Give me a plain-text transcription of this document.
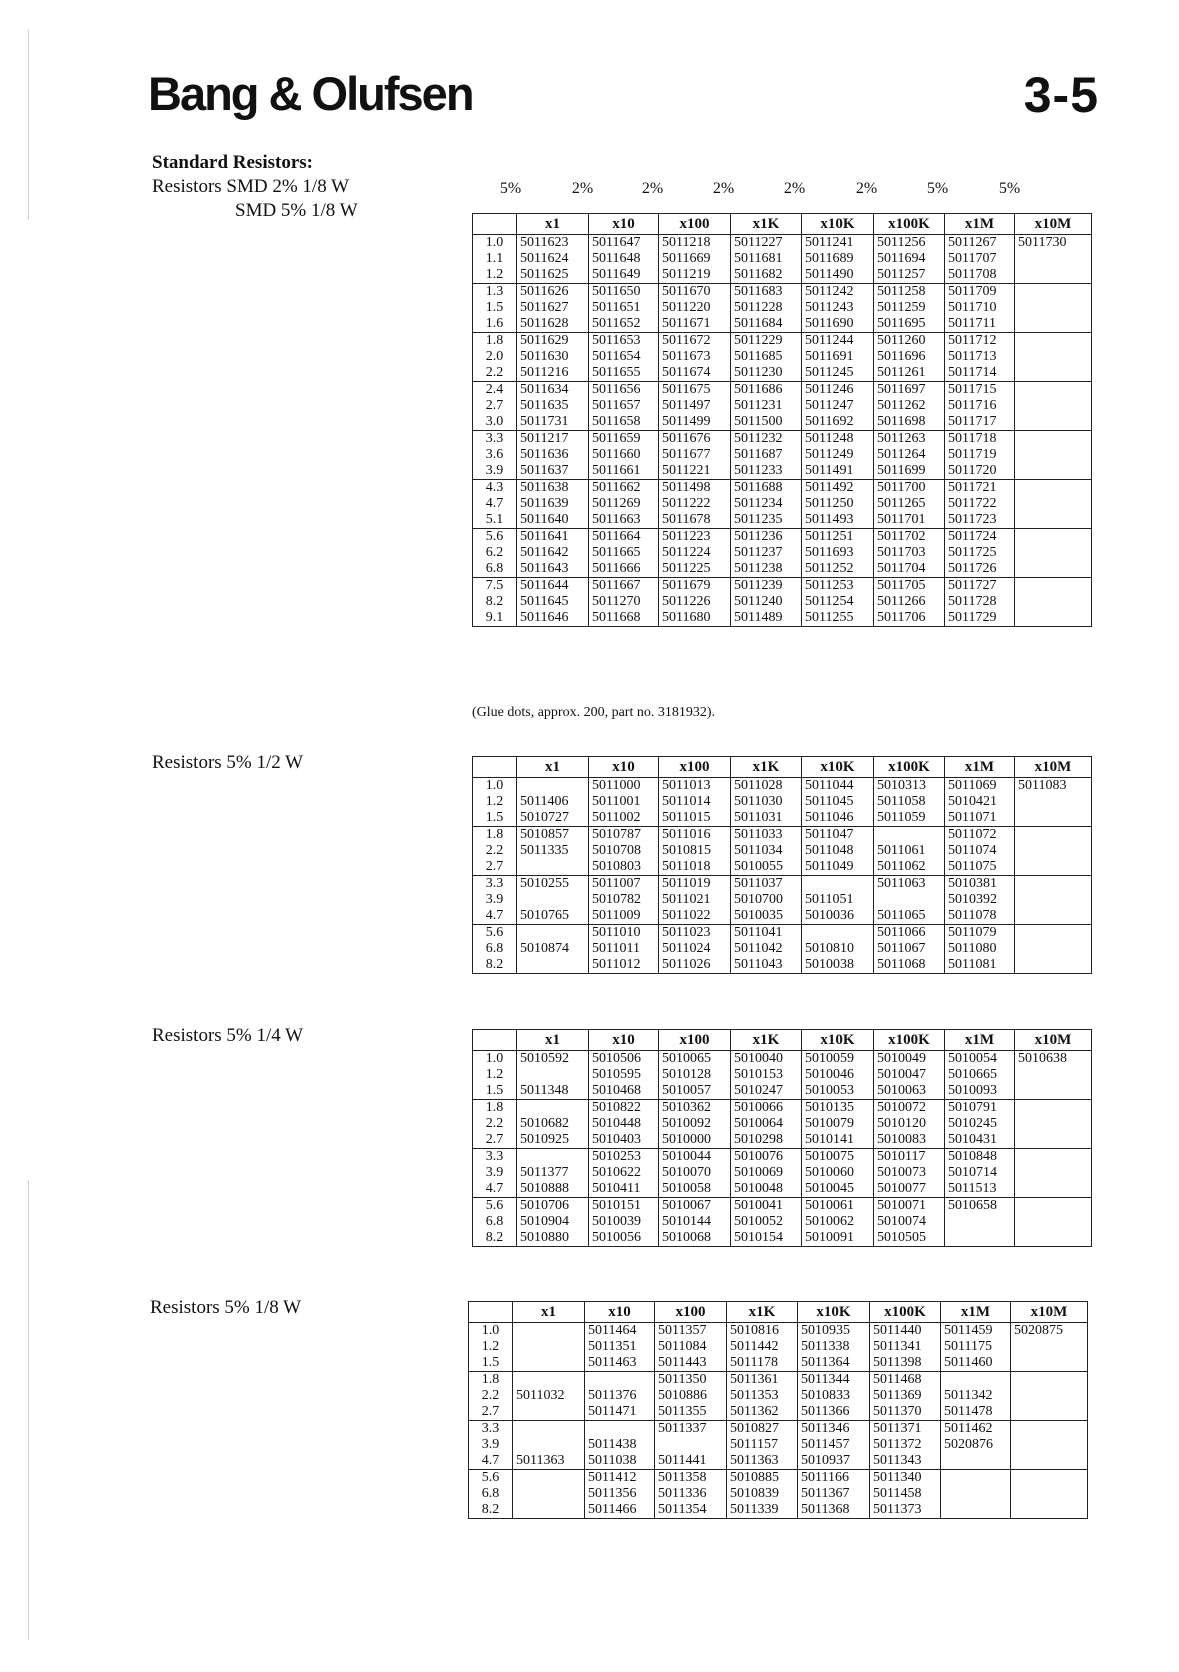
Bang & Olufsen	3-5
Standard Resistors:
Resistors SMD 2% 1/8 W
SMD 5% 1/8 W
5%	2%	2%	2%	2%	2%	5%	5%
	x1	x10	x100	x1K	x10K	x100K	x1M	x10M
1.0	5011623	5011647	5011218	5011227	5011241	5011256	5011267	5011730
1.1	5011624	5011648	5011669	5011681	5011689	5011694	5011707	
1.2	5011625	5011649	5011219	5011682	5011490	5011257	5011708	
1.3	5011626	5011650	5011670	5011683	5011242	5011258	5011709	
1.5	5011627	5011651	5011220	5011228	5011243	5011259	5011710	
1.6	5011628	5011652	5011671	5011684	5011690	5011695	5011711	
1.8	5011629	5011653	5011672	5011229	5011244	5011260	5011712	
2.0	5011630	5011654	5011673	5011685	5011691	5011696	5011713	
2.2	5011216	5011655	5011674	5011230	5011245	5011261	5011714	
2.4	5011634	5011656	5011675	5011686	5011246	5011697	5011715	
2.7	5011635	5011657	5011497	5011231	5011247	5011262	5011716	
3.0	5011731	5011658	5011499	5011500	5011692	5011698	5011717	
3.3	5011217	5011659	5011676	5011232	5011248	5011263	5011718	
3.6	5011636	5011660	5011677	5011687	5011249	5011264	5011719	
3.9	5011637	5011661	5011221	5011233	5011491	5011699	5011720	
4.3	5011638	5011662	5011498	5011688	5011492	5011700	5011721	
4.7	5011639	5011269	5011222	5011234	5011250	5011265	5011722	
5.1	5011640	5011663	5011678	5011235	5011493	5011701	5011723	
5.6	5011641	5011664	5011223	5011236	5011251	5011702	5011724	
6.2	5011642	5011665	5011224	5011237	5011693	5011703	5011725	
6.8	5011643	5011666	5011225	5011238	5011252	5011704	5011726	
7.5	5011644	5011667	5011679	5011239	5011253	5011705	5011727	
8.2	5011645	5011270	5011226	5011240	5011254	5011266	5011728	
9.1	5011646	5011668	5011680	5011489	5011255	5011706	5011729	
(Glue dots, approx. 200, part no. 3181932).
Resistors 5% 1/2 W
		x1	x10	x100	x1K	x10K	x100K	x1M	x10M
1.0		5011000	5011013	5011028	5011044	5010313	5011069	5011083
1.2	5011406	5011001	5011014	5011030	5011045	5011058	5010421	
1.5	5010727	5011002	5011015	5011031	5011046	5011059	5011071	
1.8	5010857	5010787	5011016	5011033	5011047		5011072	
2.2	5011335	5010708	5010815	5011034	5011048	5011061	5011074	
2.7		5010803	5011018	5010055	5011049	5011062	5011075	
3.3	5010255	5011007	5011019	5011037		5011063	5010381	
3.9		5010782	5011021	5010700	5011051		5010392	
4.7	5010765	5011009	5011022	5010035	5010036	5011065	5011078	
5.6		5011010	5011023	5011041		5011066	5011079	
6.8	5010874	5011011	5011024	5011042	5010810	5011067	5011080	
8.2		5011012	5011026	5011043	5010038	5011068	5011081	
Resistors 5% 1/4 W
		x1	x10	x100	x1K	x10K	x100K	x1M	x10M
1.0	5010592	5010506	5010065	5010040	5010059	5010049	5010054	5010638
1.2		5010595	5010128	5010153	5010046	5010047	5010665	
1.5	5011348	5010468	5010057	5010247	5010053	5010063	5010093	
1.8		5010822	5010362	5010066	5010135	5010072	5010791	
2.2	5010682	5010448	5010092	5010064	5010079	5010120	5010245	
2.7	5010925	5010403	5010000	5010298	5010141	5010083	5010431	
3.3		5010253	5010044	5010076	5010075	5010117	5010848	
3.9	5011377	5010622	5010070	5010069	5010060	5010073	5010714	
4.7	5010888	5010411	5010058	5010048	5010045	5010077	5011513	
5.6	5010706	5010151	5010067	5010041	5010061	5010071	5010658	
6.8	5010904	5010039	5010144	5010052	5010062	5010074		
8.2	5010880	5010056	5010068	5010154	5010091	5010505		
Resistors 5% 1/8 W
		x1	x10	x100	x1K	x10K	x100K	x1M	x10M
1.0		5011464	5011357	5010816	5010935	5011440	5011459	5020875
1.2		5011351	5011084	5011442	5011338	5011341	5011175	
1.5		5011463	5011443	5011178	5011364	5011398	5011460	
1.8			5011350	5011361	5011344	5011468		
2.2	5011032	5011376	5010886	5011353	5010833	5011369	5011342	
2.7		5011471	5011355	5011362	5011366	5011370	5011478	
3.3			5011337	5010827	5011346	5011371	5011462	
3.9		5011438		5011157	5011457	5011372	5020876	
4.7	5011363	5011038	5011441	5011363	5010937	5011343		
5.6		5011412	5011358	5010885	5011166	5011340		
6.8		5011356	5011336	5010839	5011367	5011458		
8.2		5011466	5011354	5011339	5011368	5011373		
